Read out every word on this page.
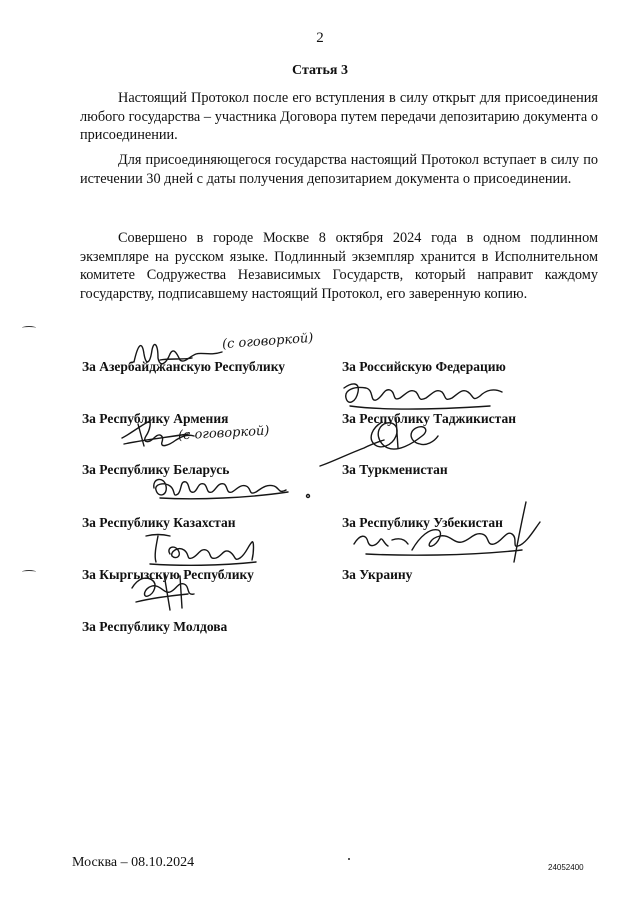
2
Статья 3

Настоящий Протокол после его вступления в силу открыт для присоединения любого государства – участника Договора путем передачи депозитарию документа о присоединении.

Для присоединяющегося государства настоящий Протокол вступает в силу по истечении 30 дней с даты получения депозитарием документа о присоединении.

Совершено в городе Москве 8 октября 2024 года в одном подлинном экземпляре на русском языке. Подлинный экземпляр хранится в Исполнительном комитете Содружества Независимых Государств, который направит каждому государству, подписавшему настоящий Протокол, его заверенную копию.

За Азербайджанскую Республику
За Республику Армения
За Республику Беларусь
За Республику Казахстан
За Кыргызскую Республику
За Республику Молдова
За Российскую Федерацию
За Республику Таджикистан
За Туркменистан
За Республику Узбекистан
За Украину
(с оговоркой)
(с оговоркой)
Москва – 08.10.2024	24052400
